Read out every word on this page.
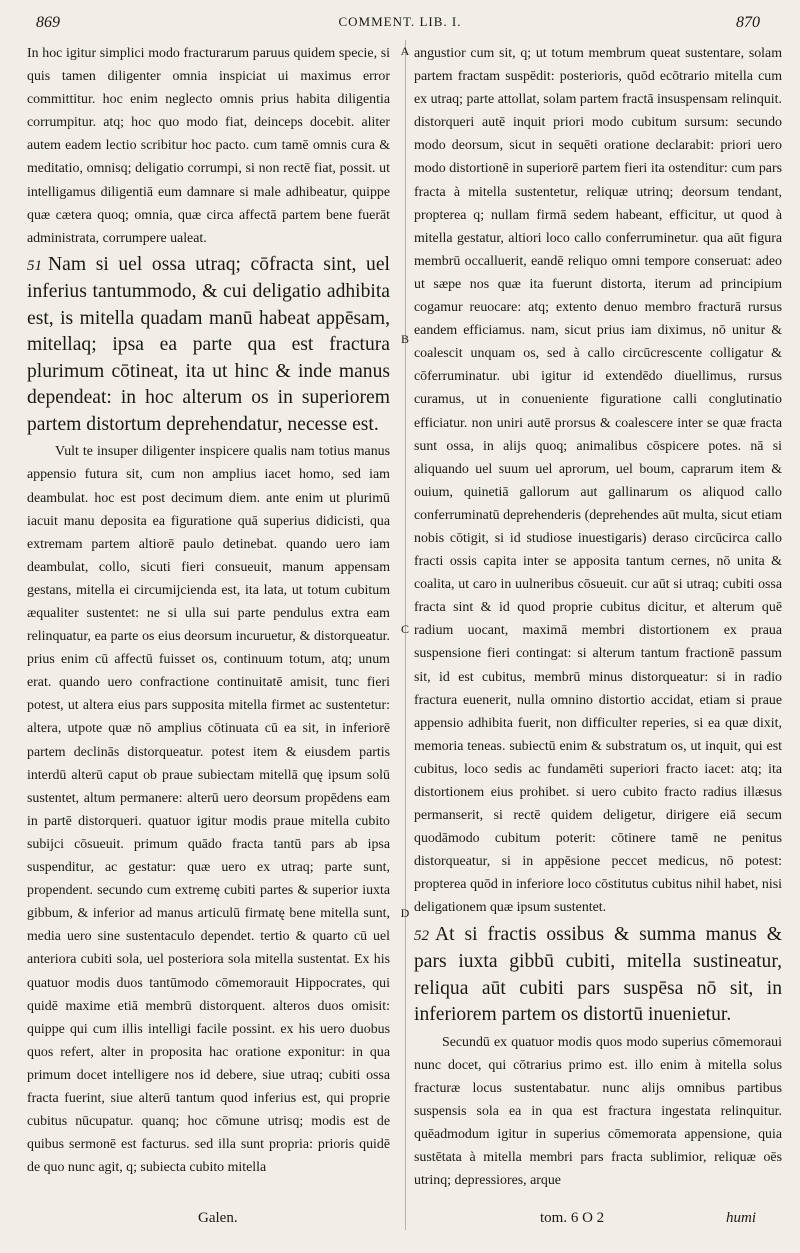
869	COMMENT. LIB. I.	870

In hoc igitur simplici modo fracturarum paruus quidem specie, si quis tamen diligenter omnia inspiciat ui maximus error committitur. hoc enim neglecto omnis prius habita diligentia corrumpitur. atq; hoc quo modo fiat, deinceps docebit. aliter autem eadem lectio scribitur hoc pacto. cum tamē omnis cura & meditatio, omnisq; deligatio corrumpi, si non rectē fiat, possit. ut intelligamus diligentiā eum damnare si male adhibeatur, quippe quæ cætera quoq; omnia, quæ circa affectā partem bene fuerāt administrata, corrumpere ualeat.

51 Nam si uel ossa utraq; cōfracta sint, uel inferius tantummodo, & cui deligatio adhibita est, is mitella quadam manū habeat appēsam, mitellaq; ipsa ea parte qua est fractura plurimum cōtineat, ita ut hinc & inde manus dependeat: in hoc alterum os in superiorem partem distortum deprehendatur, necesse est.

Vult te insuper diligenter inspicere qualis nam totius manus appensio futura sit, cum non amplius iacet homo, sed iam deambulat. hoc est post decimum diem. ante enim ut plurimū iacuit manu deposita ea figuratione quā superius didicisti, qua extremam partem altiorē paulo detinebat. quando uero iam deambulat, collo, sicuti fieri consueuit, manum appensam gestans, mitella ei circumijcienda est, ita lata, ut totum cubitum æqualiter sustentet: ne si ulla sui parte pendulus extra eam relinquatur, ea parte os eius deorsum incuruetur, & distorqueatur. prius enim cū affectū fuisset os, continuum totum, atq; unum erat. quando uero confractione continuitatē amisit, tunc fieri potest, ut altera eius pars supposita mitella firmet ac sustentetur: altera, utpote quæ nō amplius cōtinuata cū ea sit, in inferiorē partem declinās distorqueatur. potest item & eiusdem partis interdū alterū caput ob praue subiectam mitellā quę ipsum solū sustentet, altum permanere: alterū uero deorsum propēdens eam in partē distorqueri. quatuor igitur modis praue mitella cubito subijci cōsueuit. primum quādo fracta tantū pars ab ipsa suspenditur, ac gestatur: quæ uero ex utraq; parte sunt, propendent. secundo cum extremę cubiti partes & superior iuxta gibbum, & inferior ad manus articulū firmatę bene mitella sunt, media uero sine sustentaculo dependet. tertio & quarto cū uel anteriora cubiti sola, uel posteriora sola mitella sustentat. Ex his quatuor modis duos tantūmodo cōmemorauit Hippocrates, qui quidē maxime etiā membrū distorquent. alteros duos omisit: quippe qui cum illis intelligi facile possint. ex his uero duobus quos refert, alter in proposita hac oratione exponitur: in qua primum docet intelligere nos id debere, siue utraq; cubiti ossa fracta fuerint, siue alterū tantum quod inferius est, qui proprie cubitus nūcupatur. quanq; hoc cōmune utrisq; modis est de quibus sermonē est facturus. sed illa sunt propria: prioris quidē de quo nunc agit, q; subiecta cubito mitella

A
B
C
D

angustior cum sit, q; ut totum membrum queat sustentare, solam partem fractam suspēdit: posterioris, quōd ecōtrario mitella cum ex utraq; parte attollat, solam partem fractā insuspensam relinquit. distorqueri autē inquit priori modo cubitum sursum: secundo modo deorsum, sicut in sequēti oratione declarabit: priori uero modo distortionē in superiorē partem fieri ita ostenditur: cum pars fracta à mitella sustentetur, reliquæ utrinq; deorsum tendant, propterea q; nullam firmā sedem habeant, efficitur, ut quod à mitella gestatur, altiori loco callo conferruminetur. qua aūt figura membrū occalluerit, eandē reliquo omni tempore conseruat: adeo ut sæpe nos quæ ita fuerunt distorta, iterum ad principium cogamur reuocare: atq; extento denuo membro fracturā rursus eandem efficiamus. nam, sicut prius iam diximus, nō unitur & coalescit unquam os, sed à callo circūcrescente colligatur & cōferruminatur. ubi igitur id extendēdo diuellimus, rursus curamus, ut in conueniente figuratione calli conglutinatio efficiatur. non uniri autē prorsus & coalescere inter se quæ fracta sunt ossa, in alijs quoq; animalibus cōspicere potes. nā si aliquando uel suum uel aprorum, uel boum, caprarum item & ouium, quinetiā gallorum aut gallinarum os aliquod callo conferruminatū deprehenderis (deprehendes aūt multa, sicut etiam nobis cōtigit, si id studiose inuestigaris) deraso circūcirca callo fracti ossis capita inter se apposita tantum cernes, nō unita & coalita, ut caro in uulneribus cōsueuit. cur aūt si utraq; cubiti ossa fracta sint & id quod proprie cubitus dicitur, et alterum quē radium uocant, maximā membri distortionem ex praua suspensione fieri contingat: si alterum tantum fractionē passum sit, id est cubitus, membrū minus distorqueatur: si in radio fractura euenerit, nulla omnino distortio accidat, etiam si praue appensio adhibita fuerit, non difficulter reperies, si ea quæ dixit, memoria teneas. subiectū enim & substratum os, ut inquit, qui est cubitus, loco sedis ac fundamēti superiori fracto iacet: atq; ita distortionem eius prohibet. si uero cubito fracto radius illæsus permanserit, si rectē quidem deligetur, dirigere eiā secum quodāmodo cubitum poterit: cōtinere tamē ne penitus distorqueatur, si in appēsione peccet medicus, nō potest: propterea quōd in inferiore loco cōstitutus cubitus nihil habet, nisi deligationem quæ ipsum sustentet.

52 At si fractis ossibus & summa manus & pars iuxta gibbū cubiti, mitella sustineatur, reliqua aūt cubiti pars suspēsa nō sit, in inferiorem partem os distortū inuenietur.

Secundū ex quatuor modis quos modo superius cōmemoraui nunc docet, qui cōtrarius primo est. illo enim à mitella solus fracturæ locus sustentabatur. nunc alijs omnibus partibus suspensis sola ea in qua est fractura ingestata relinquitur. quēadmodum igitur in superius cōmemorata appensione, quia sustētata à mitella membri pars fracta sublimior, reliquæ oēs utrinq; depressiores, arque

Galen.	tom. 6 O 2	humi
